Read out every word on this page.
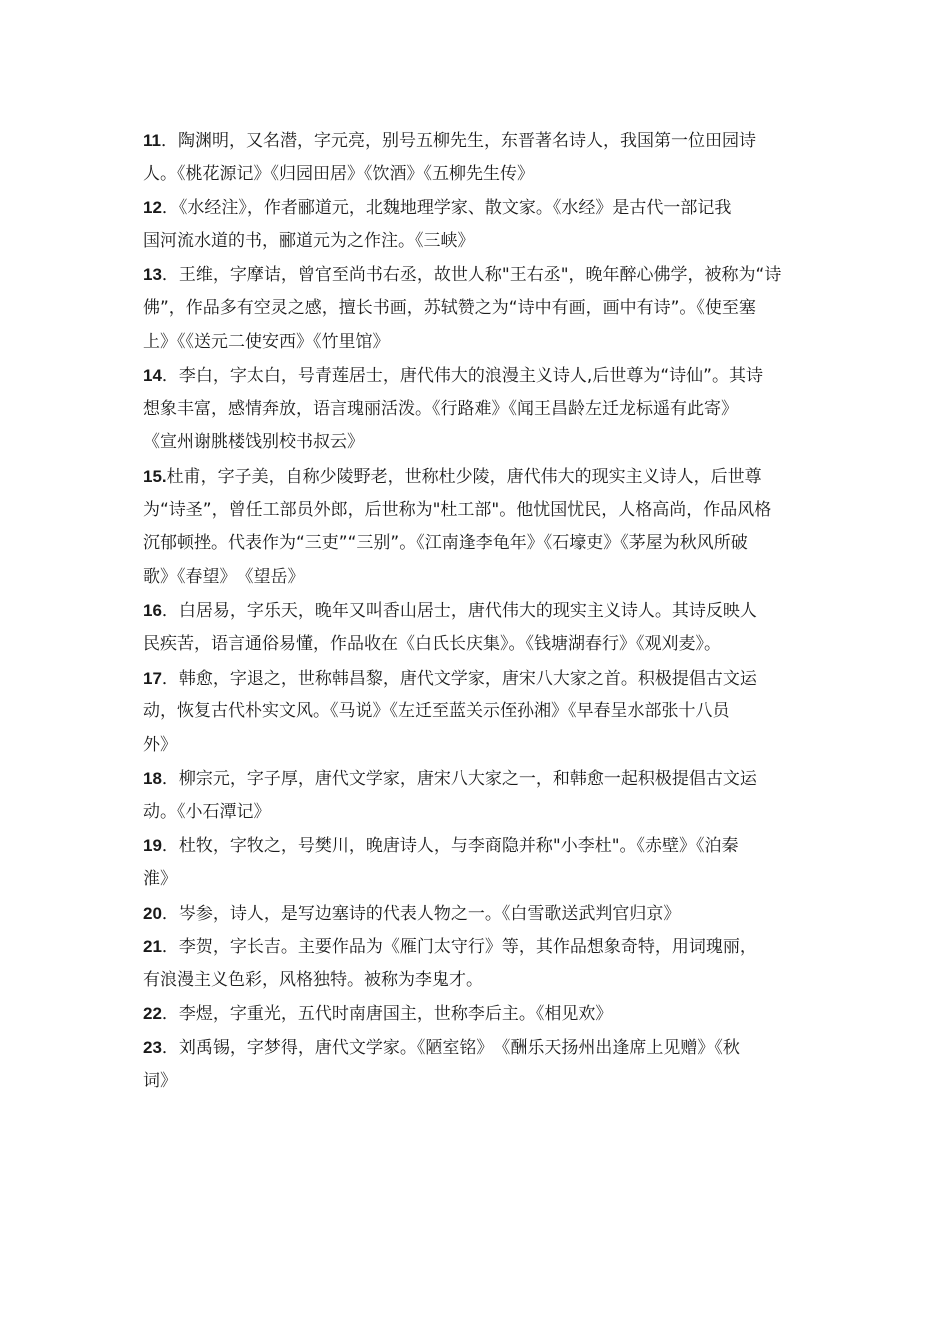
11．陶渊明，又名潜，字元亮，别号五柳先生，东晋著名诗人，我国第一位田园诗
人。《桃花源记》《归园田居》《饮酒》《五柳先生传》
12．《水经注》，作者郦道元，北魏地理学家、散文家。《水经》是古代一部记我
国河流水道的书，郦道元为之作注。《三峡》
13．王维，字摩诘，曾官至尚书右丞，故世人称"王右丞"，晚年醉心佛学，被称为“诗
佛”，作品多有空灵之感，擅长书画，苏轼赞之为“诗中有画，画中有诗”。《使至塞
上》《《送元二使安西》《竹里馆》
14．李白，字太白，号青莲居士，唐代伟大的浪漫主义诗人,后世尊为“诗仙”。其诗
想象丰富，感情奔放，语言瑰丽活泼。《行路难》《闻王昌龄左迁龙标遥有此寄》
《宣州谢朓楼饯别校书叔云》
15.杜甫，字子美，自称少陵野老，世称杜少陵，唐代伟大的现实主义诗人，后世尊
为“诗圣”，曾任工部员外郎，后世称为"杜工部"。他忧国忧民，人格高尚，作品风格
沉郁顿挫。代表作为“三吏”“三别”。《江南逢李龟年》《石壕吏》《茅屋为秋风所破
歌》《春望》　《望岳》
16．白居易，字乐天，晚年又叫香山居士，唐代伟大的现实主义诗人。其诗反映人
民疾苦，语言通俗易懂，作品收在《白氏长庆集》。《钱塘湖春行》《观刈麦》。
17．韩愈，字退之，世称韩昌黎，唐代文学家，唐宋八大家之首。积极提倡古文运
动，恢复古代朴实文风。《马说》《左迁至蓝关示侄孙湘》《早春呈水部张十八员
外》
18．柳宗元，字子厚，唐代文学家，唐宋八大家之一，和韩愈一起积极提倡古文运
动。《小石潭记》
19．杜牧，字牧之，号樊川，晚唐诗人，与李商隐并称"小李杜"。《赤壁》《泊秦
淮》
20．岑参，诗人，是写边塞诗的代表人物之一。《白雪歌送武判官归京》
21．李贺，字长吉。主要作品为《雁门太守行》等，其作品想象奇特，用词瑰丽，
有浪漫主义色彩，风格独特。被称为李鬼才。
22．李煜，字重光，五代时南唐国主，世称李后主。《相见欢》
23．刘禹锡，字梦得，唐代文学家。《陋室铭》　《酬乐天扬州出逢席上见赠》《秋
词》
